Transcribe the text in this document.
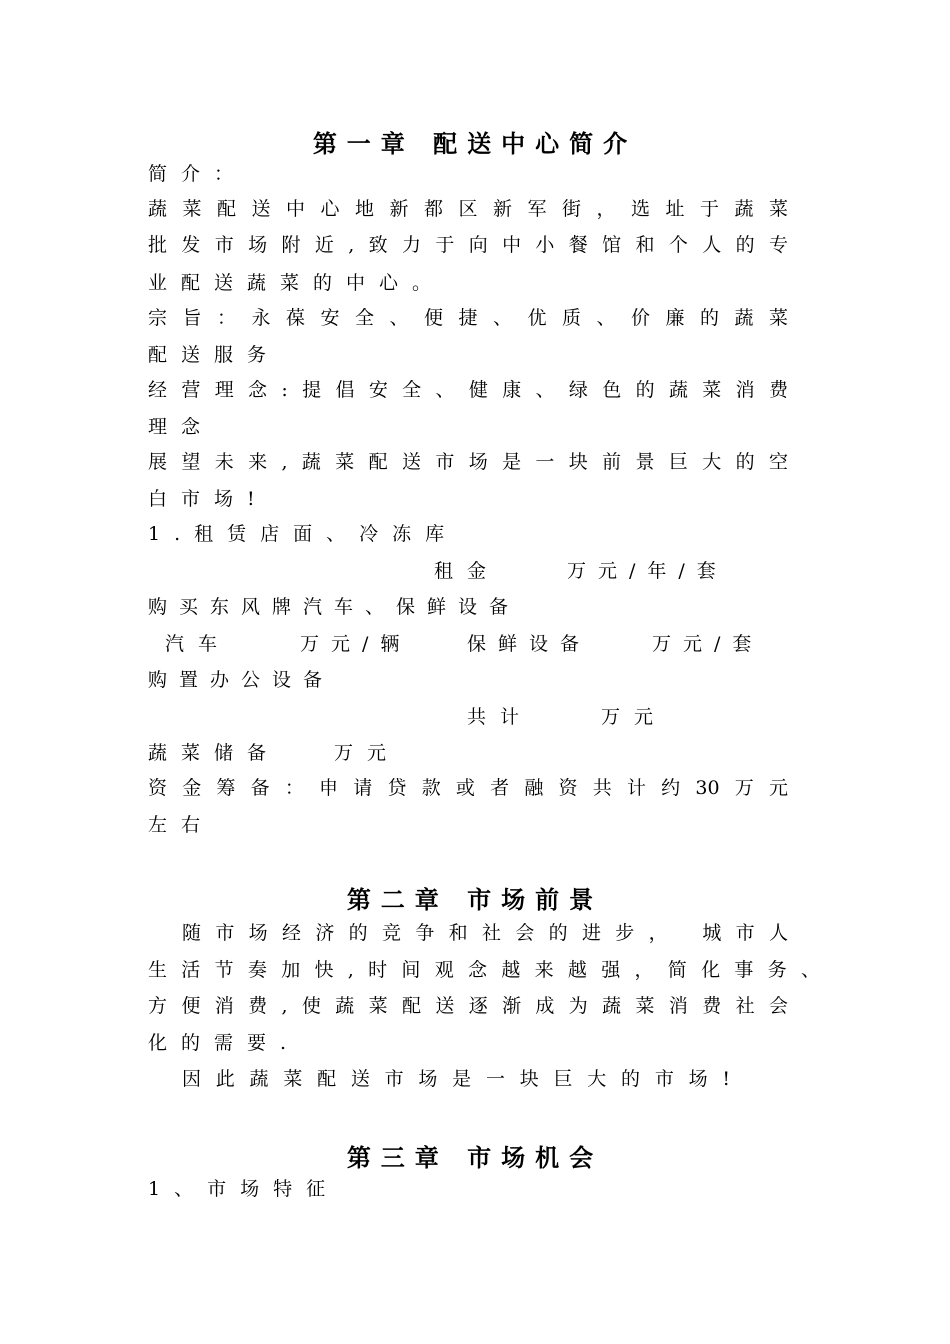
第一章 配送中心简介
简介：
蔬菜配送中心地新都区新军街，选址于蔬菜
批发市场附近,致力于向中小餐馆和个人的专
业配送蔬菜的中心。
宗旨：永葆安全、便捷、优质、价廉的蔬菜
配送服务
经营理念:提倡安全、健康、绿色的蔬菜消费
理念
展望未来,蔬菜配送市场是一块前景巨大的空
白市场!
1.租赁店面、冷冻库
租金	万元/年/套
购买东风牌汽车、保鲜设备
汽车	万元/辆	保鲜设备	万元/套
购置办公设备
共计	万元
蔬菜储备	万元
资金筹备：申请贷款或者融资共计约30万元
左右
第二章 市场前景
随市场经济的竞争和社会的进步， 城市人
生活节奏加快,时间观念越来越强，简化事务、
方便消费,使蔬菜配送逐渐成为蔬菜消费社会
化的需要.
因此蔬菜配送市场是一块巨大的市场!
第三章 市场机会
1、市场特征
